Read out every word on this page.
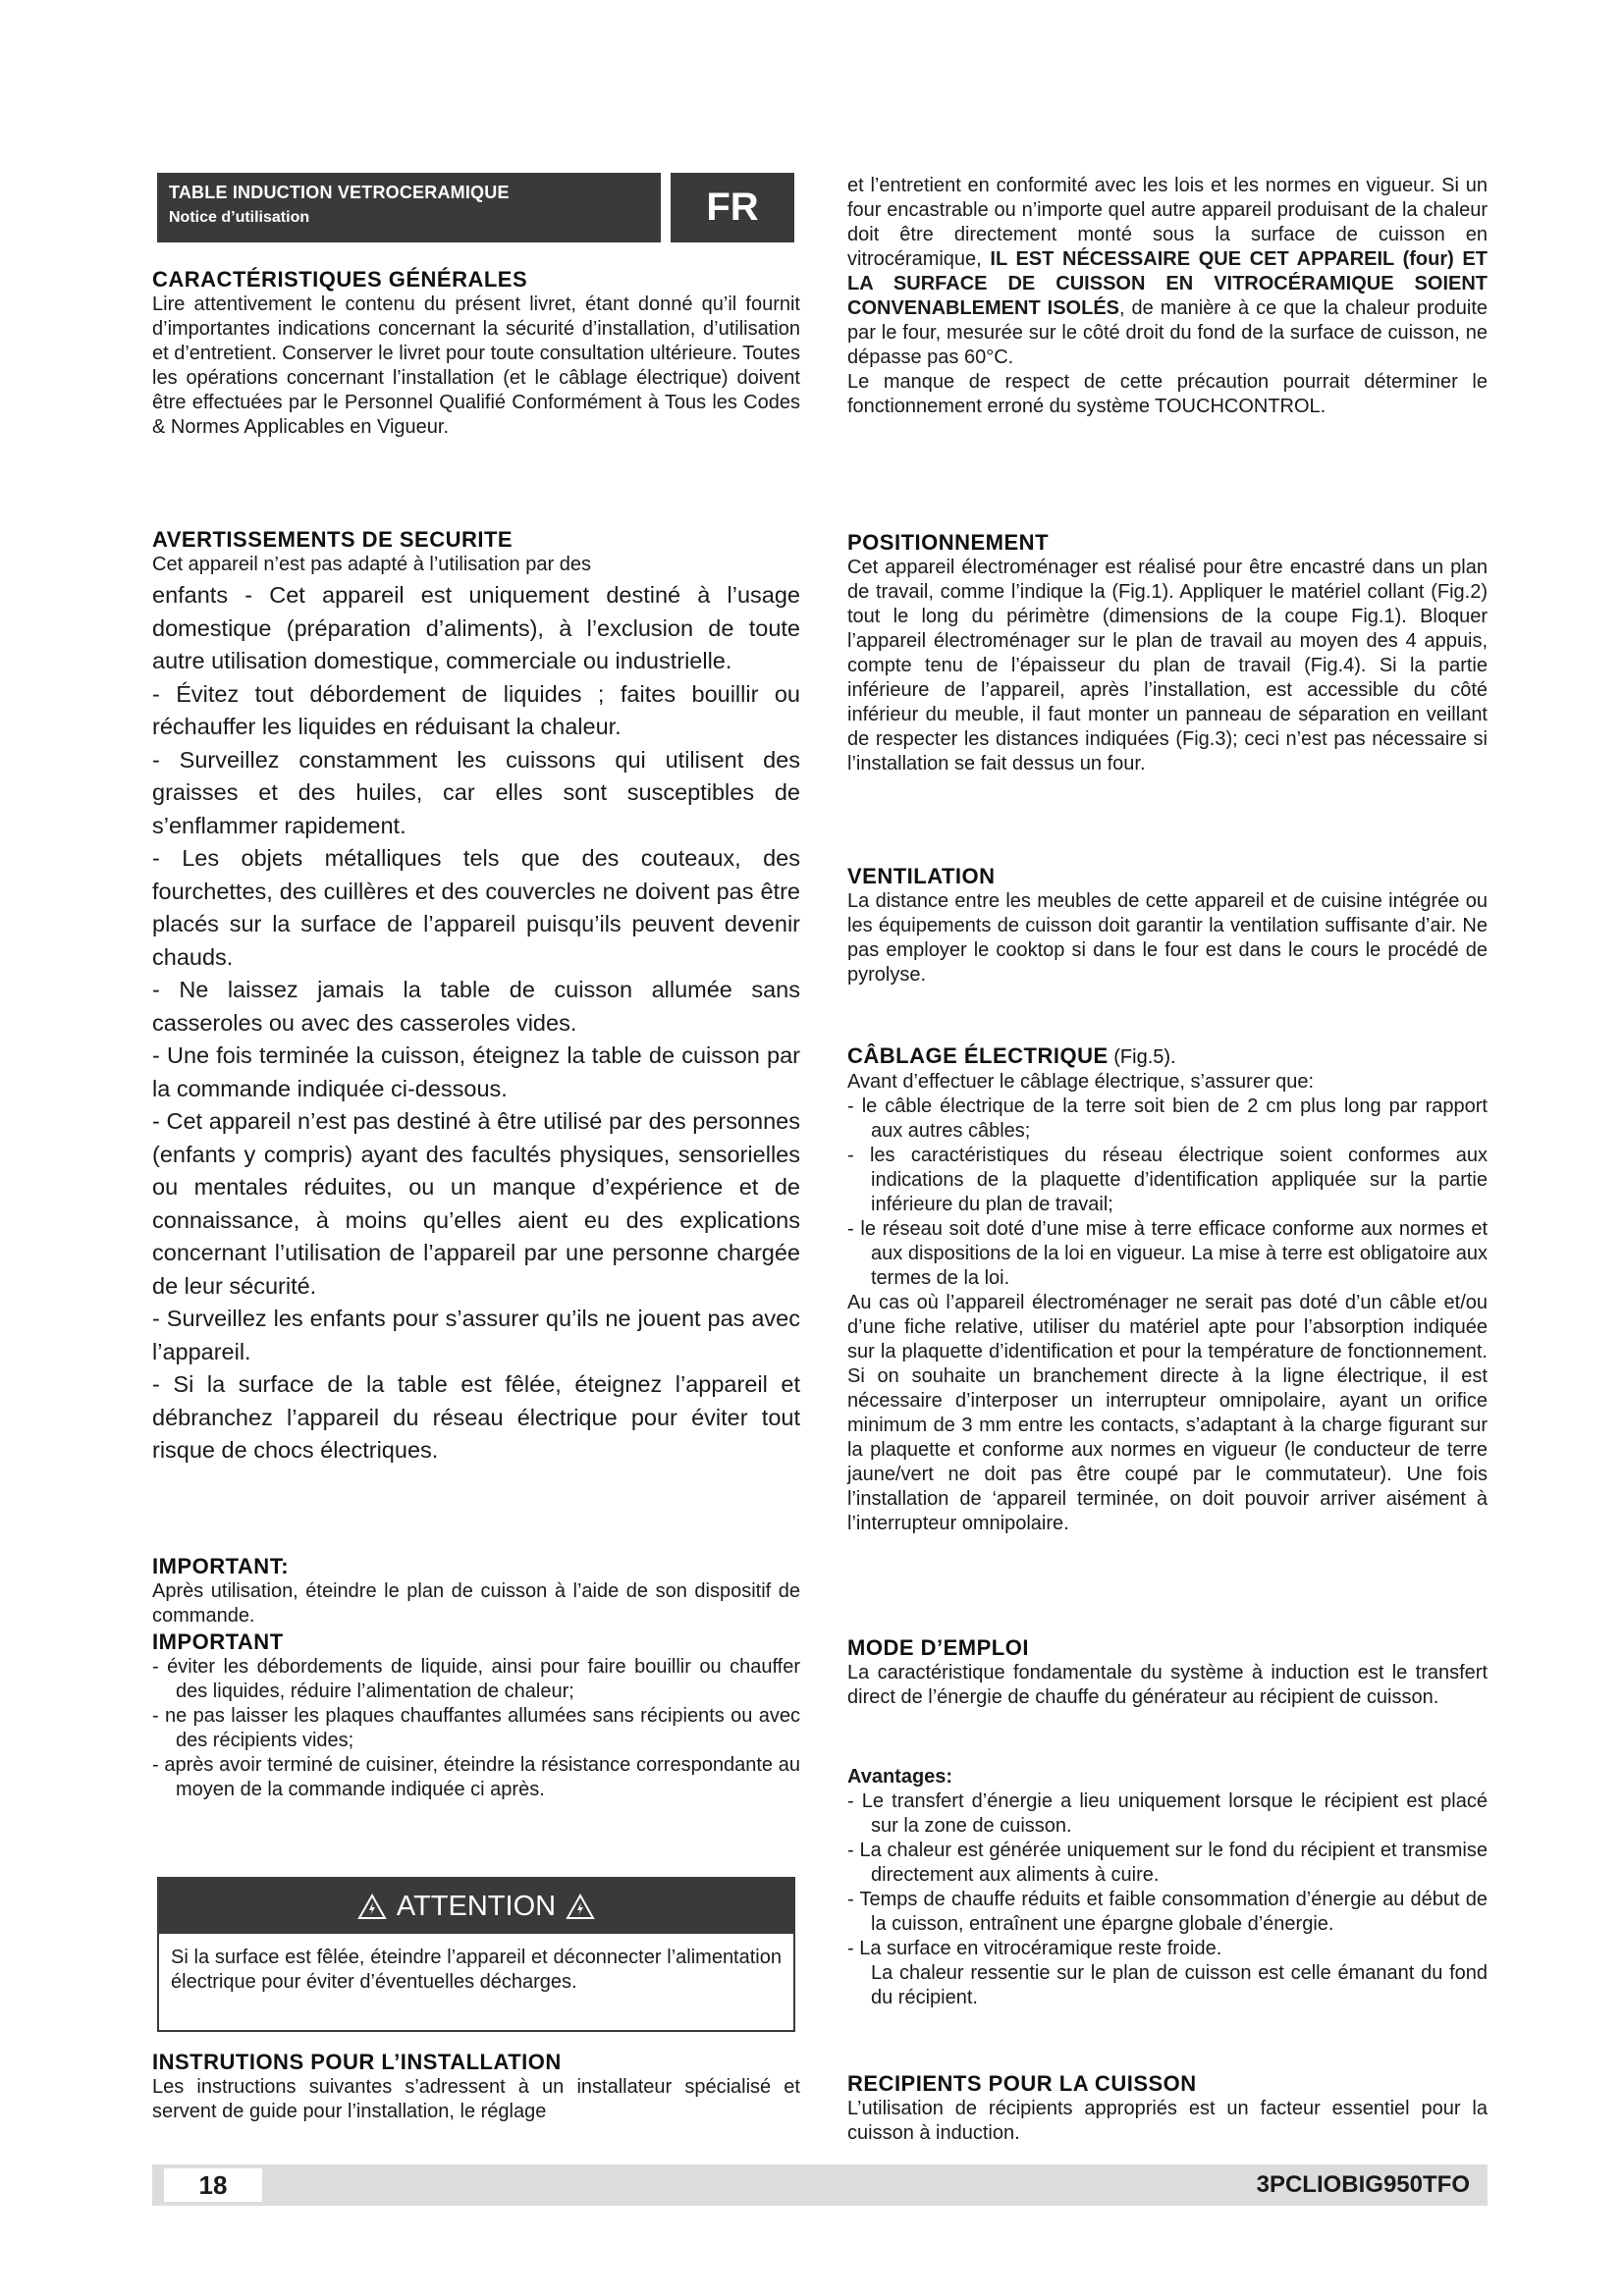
TABLE INDUCTION VETROCERAMIQUE
Notice d’utilisation	FR
CARACTÉRISTIQUES GÉNÉRALES

Lire attentivement le contenu du présent livret, étant donné qu’il fournit d’importantes indications concernant la sécurité d’installation, d’utilisation et d’entretient. Conserver le livret pour toute consultation ultérieure. Toutes les opérations concernant l’installation (et le câblage électrique) doivent être effectuées par le Personnel Qualifié Conformément à Tous les Codes & Normes Applicables en Vigueur.

AVERTISSEMENTS DE SECURITE

Cet appareil n’est pas adapté à l’utilisation par des

enfants - Cet appareil est uniquement destiné à l’usage domestique (préparation d’aliments), à l’exclusion de toute autre utilisation domestique, commerciale ou industrielle.

- Évitez tout débordement de liquides ; faites bouillir ou réchauffer les liquides en réduisant la chaleur.

- Surveillez constamment les cuissons qui utilisent des graisses et des huiles, car elles sont susceptibles de s’enflammer rapidement.

- Les objets métalliques tels que des couteaux, des fourchettes, des cuillères et des couvercles ne doivent pas être placés sur la surface de l’appareil puisqu’ils peuvent devenir chauds.

- Ne laissez jamais la table de cuisson allumée sans casseroles ou avec des casseroles vides.

- Une fois terminée la cuisson, éteignez la table de cuisson par la commande indiquée ci-dessous.

- Cet appareil n’est pas destiné à être utilisé par des personnes (enfants y compris) ayant des facultés physiques, sensorielles ou mentales réduites, ou un manque d’expérience et de connaissance, à moins qu’elles aient eu des explications concernant l’utilisation de l’appareil par une personne chargée de leur sécurité.

- Surveillez les enfants pour s’assurer qu’ils ne jouent pas avec l’appareil.

- Si la surface de la table est fêlée, éteignez l’appareil et débranchez l’appareil du réseau électrique pour éviter tout risque de chocs électriques.

IMPORTANT:

Après utilisation, éteindre le plan de cuisson à l’aide de son dispositif de commande.

IMPORTANT

- éviter les débordements de liquide, ainsi pour faire bouillir ou chauffer des liquides, réduire l’alimentation de chaleur;

- ne pas laisser les plaques chauffantes allumées sans récipients ou avec des récipients vides;

- après avoir terminé de cuisiner, éteindre la résistance correspondante au moyen de la commande indiquée ci après.

INSTRUTIONS POUR L’INSTALLATION

Les instructions suivantes s’adressent à un installateur spécialisé et servent de guide pour l’installation, le réglage

ATTENTION

Si la surface est fêlée, éteindre l’appareil et déconnecter l’alimentation électrique pour éviter d’éventuelles décharges.

et l’entretient en conformité avec les lois et les normes en vigueur. Si un four encastrable ou n’importe quel autre appareil produisant de la chaleur doit être directement monté sous la surface de cuisson en vitrocéramique, IL EST NÉCESSAIRE QUE CET APPAREIL (four) ET LA SURFACE DE CUISSON EN VITROCÉRAMIQUE SOIENT CONVENABLEMENT ISOLÉS, de manière à ce que la chaleur produite par le four, mesurée sur le côté droit du fond de la surface de cuisson, ne dépasse pas 60°C.

Le manque de respect de cette précaution pourrait déterminer le fonctionnement erroné du système TOUCHCONTROL.

POSITIONNEMENT

Cet appareil électroménager est réalisé pour être encastré dans un plan de travail, comme l’indique la (Fig.1). Appliquer le matériel collant (Fig.2) tout le long du périmètre (dimensions de la coupe Fig.1). Bloquer l’appareil électroménager sur le plan de travail au moyen des 4 appuis, compte tenu de l’épaisseur du plan de travail (Fig.4). Si la partie inférieure de l’appareil, après l’installation, est accessible du côté inférieur du meuble, il faut monter un panneau de séparation en veillant de respecter les distances indiquées (Fig.3); ceci n’est pas nécessaire si l’installation se fait dessus un four.

VENTILATION

La distance entre les meubles de cette appareil et de cuisine intégrée ou les équipements de cuisson doit garantir la ventilation suffisante d’air. Ne pas employer le cooktop si dans le four est dans le cours le procédé de pyrolyse.

CÂBLAGE ÉLECTRIQUE (Fig.5).

Avant d’effectuer le câblage électrique, s’assurer que:

- le câble électrique de la terre soit bien de 2 cm plus long par rapport aux autres câbles;

- les caractéristiques du réseau électrique soient conformes aux indications de la plaquette d’identification appliquée sur la partie inférieure du plan de travail;

- le réseau soit doté d’une mise à terre efficace conforme aux normes et aux dispositions de la loi en vigueur. La mise à terre est obligatoire aux termes de la loi.

Au cas où l’appareil électroménager ne serait pas doté d’un câble et/ou d’une fiche relative, utiliser du matériel apte pour l’absorption indiquée sur la plaquette d’identification et pour la température de fonctionnement. Si on souhaite un branchement directe à la ligne électrique, il est nécessaire d’interposer un interrupteur omnipolaire, ayant un orifice minimum de 3 mm entre les contacts, s’adaptant à la charge figurant sur la plaquette et conforme aux normes en vigueur (le conducteur de terre jaune/vert ne doit pas être coupé par le commutateur). Une fois l’installation de ‘appareil terminée, on doit pouvoir arriver aisément à l’interrupteur omnipolaire.

MODE D’EMPLOI

La caractéristique fondamentale du système à induction est le transfert direct de l’énergie de chauffe du générateur au récipient de cuisson.

Avantages:

- Le transfert d’énergie a lieu uniquement lorsque le récipient est placé sur la zone de cuisson.

- La chaleur est générée uniquement sur le fond du récipient et transmise directement aux aliments à cuire.

- Temps de chauffe réduits et faible consommation d’énergie au début de la cuisson, entraînent une épargne globale d’énergie.

- La surface en vitrocéramique reste froide.

La chaleur ressentie sur le plan de cuisson est celle émanant du fond du récipient.

RECIPIENTS POUR LA CUISSON

L’utilisation de récipients appropriés est un facteur essentiel pour la cuisson à induction.

18	3PCLIOBIG950TFO
